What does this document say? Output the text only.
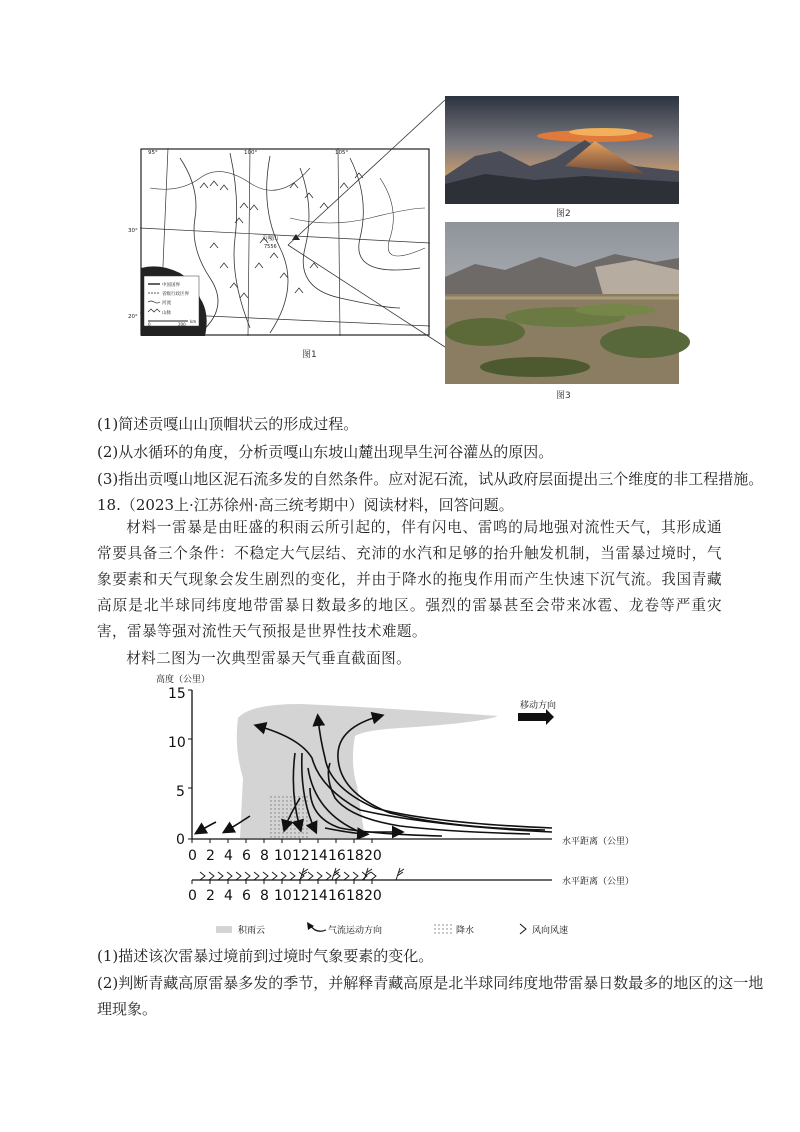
贡嘎山
7556
95°	100°	105°
30°
20°
中国国界
省级行政区界
河流
山脉
0	200
km
图1
图2
图3
(1)简述贡嘎山山顶帽状云的形成过程。
(2)从水循环的角度，分析贡嘎山东坡山麓出现旱生河谷灌丛的原因。
(3)指出贡嘎山地区泥石流多发的自然条件。应对泥石流，试从政府层面提出三个维度的非工程措施。
18.（2023上·江苏徐州·高三统考期中）阅读材料，回答问题。
材料一雷暴是由旺盛的积雨云所引起的，伴有闪电、雷鸣的局地强对流性天气，其形成通常要具备三个条件：不稳定大气层结、充沛的水汽和足够的抬升触发机制，当雷暴过境时，气象要素和天气现象会发生剧烈的变化，并由于降水的拖曳作用而产生快速下沉气流。我国青藏高原是北半球同纬度地带雷暴日数最多的地区。强烈的雷暴甚至会带来冰雹、龙卷等严重灾害，雷暴等强对流性天气预报是世界性技术难题。
材料二图为一次典型雷暴天气垂直截面图。
高度（公里）
15
10
5
0
0 2 4 6 8 10 12 14 16 18 20
水平距离（公里）
移动方向
0 2 4 6 8 10 12 14 16 18 20
水平距离（公里）
积雨云	气流运动方向	降水	风向风速
(1)描述该次雷暴过境前到过境时气象要素的变化。
(2)判断青藏高原雷暴多发的季节，并解释青藏高原是北半球同纬度地带雷暴日数最多的地区的这一地
理现象。
